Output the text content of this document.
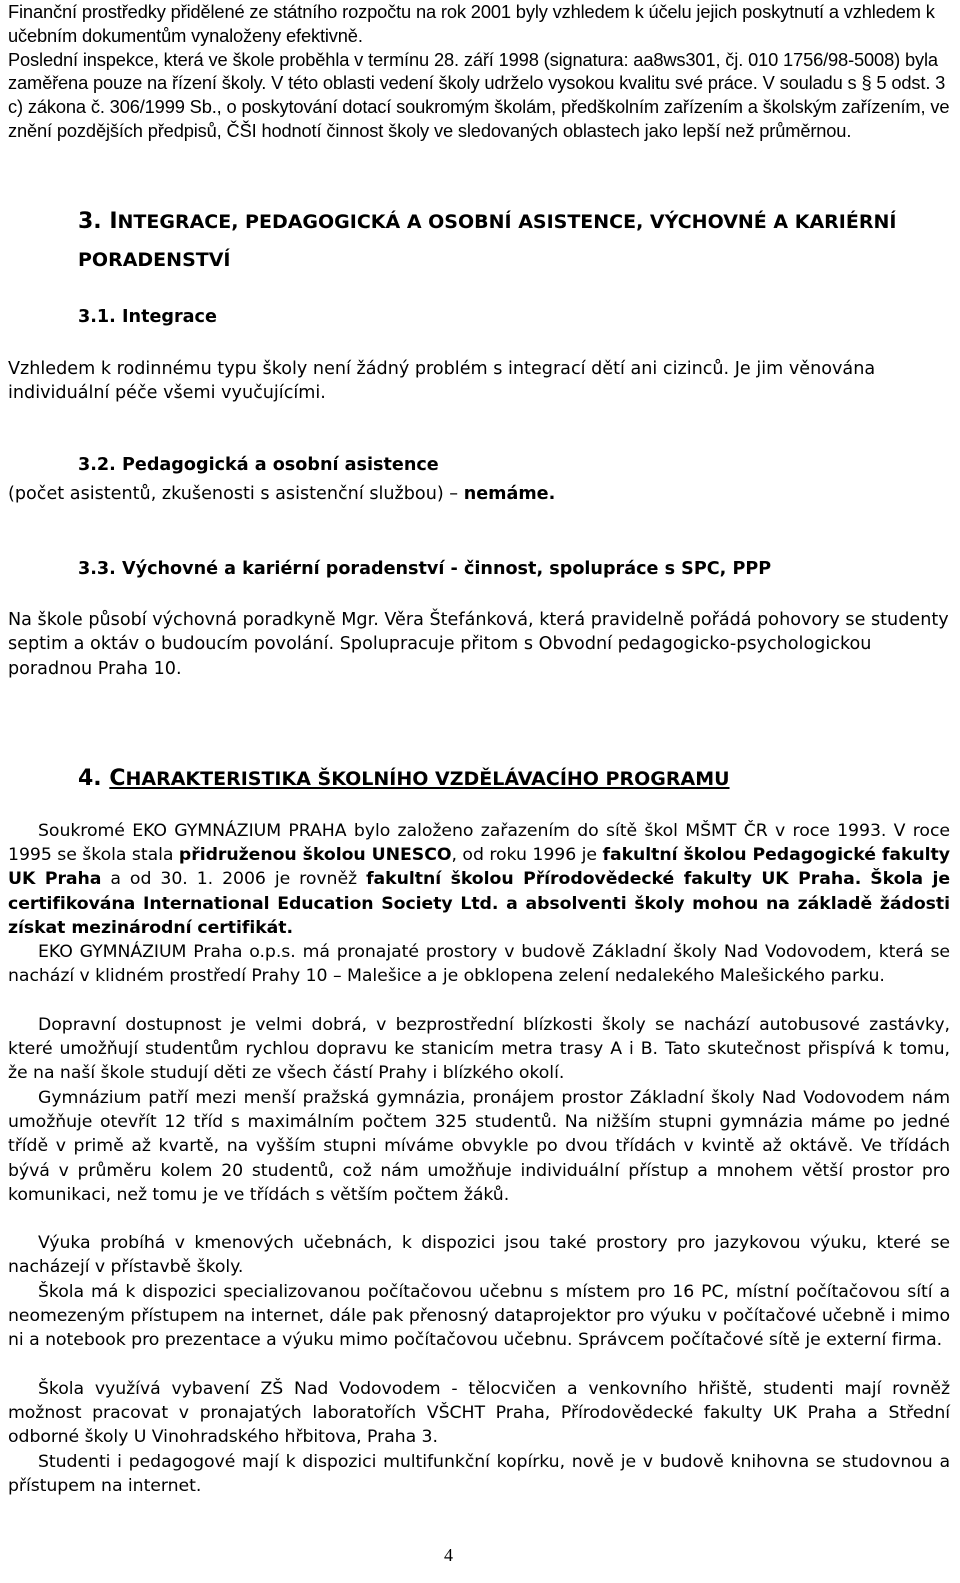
Finanční prostředky přidělené ze státního rozpočtu na rok 2001 byly vzhledem k účelu jejich poskytnutí a vzhledem k učebním dokumentům vynaloženy efektivně.
Poslední inspekce, která ve škole proběhla v termínu 28. září 1998 (signatura: aa8ws301, čj. 010 1756/98-5008) byla zaměřena pouze na řízení školy. V této oblasti vedení školy udrželo vysokou kvalitu své práce. V souladu s § 5 odst. 3 c) zákona č. 306/1999 Sb., o poskytování dotací soukromým školám, předškolním zařízením a školským zařízením, ve znění pozdějších předpisů, ČŠI hodnotí činnost školy ve sledovaných oblastech jako lepší než průměrnou.

3. INTEGRACE, PEDAGOGICKÁ A OSOBNÍ ASISTENCE, VÝCHOVNÉ A KARIÉRNÍ PORADENSTVÍ
3.1. Integrace

Vzhledem k rodinnému typu školy není žádný problém s integrací dětí ani cizinců. Je jim věnována individuální péče všemi vyučujícími.

3.2. Pedagogická a osobní asistence

(počet asistentů, zkušenosti s asistenční službou) – nemáme.

3.3. Výchovné a kariérní poradenství - činnost, spolupráce s SPC, PPP

Na škole působí výchovná poradkyně Mgr. Věra Štefánková, která pravidelně pořádá pohovory se studenty septim a oktáv o budoucím povolání. Spolupracuje přitom s Obvodní pedagogicko-psychologickou poradnou Praha 10.

4. CHARAKTERISTIKA ŠKOLNÍHO VZDĚLÁVACÍHO PROGRAMU

Soukromé EKO GYMNÁZIUM PRAHA bylo založeno zařazením do sítě škol MŠMT ČR v roce 1993. V roce 1995 se škola stala přidruženou školou UNESCO, od roku 1996 je fakultní školou Pedagogické fakulty UK Praha a od 30. 1. 2006 je rovněž fakultní školou Přírodovědecké fakulty UK Praha. Škola je certifikována International Education Society Ltd. a absolventi školy mohou na základě žádosti získat mezinárodní certifikát.

EKO GYMNÁZIUM Praha o.p.s. má pronajaté prostory v budově Základní školy Nad Vodovodem, která se nachází v klidném prostředí Prahy 10 – Malešice a je obklopena zelení nedalekého Malešického parku.

Dopravní dostupnost je velmi dobrá, v bezprostřední blízkosti školy se nachází autobusové zastávky, které umožňují studentům rychlou dopravu ke stanicím metra trasy A i B. Tato skutečnost přispívá k tomu, že na naší škole studují děti ze všech částí Prahy i blízkého okolí.

Gymnázium patří mezi menší pražská gymnázia, pronájem prostor Základní školy Nad Vodovodem nám umožňuje otevřít 12 tříd s maximálním počtem 325 studentů. Na nižším stupni gymnázia máme po jedné třídě v primě až kvartě, na vyšším stupni míváme obvykle po dvou třídách v kvintě až oktávě. Ve třídách bývá v průměru kolem 20 studentů, což nám umožňuje individuální přístup a mnohem větší prostor pro komunikaci, než tomu je ve třídách s větším počtem žáků.

Výuka probíhá v kmenových učebnách, k dispozici jsou také prostory pro jazykovou výuku, které se nacházejí v přístavbě školy.

Škola má k dispozici specializovanou počítačovou učebnu s místem pro 16 PC, místní počítačovou sítí a neomezeným přístupem na internet, dále pak přenosný dataprojektor pro výuku v počítačové učebně i mimo ni a notebook pro prezentace a výuku mimo počítačovou učebnu. Správcem počítačové sítě je externí firma.

Škola využívá vybavení ZŠ Nad Vodovodem - tělocvičen a venkovního hřiště, studenti mají rovněž možnost pracovat v pronajatých laboratořích VŠCHT Praha, Přírodovědecké fakulty UK Praha a Střední odborné školy U Vinohradského hřbitova, Praha 3.

Studenti i pedagogové mají k dispozici multifunkční kopírku, nově je v budově knihovna se studovnou a přístupem na internet.

4
